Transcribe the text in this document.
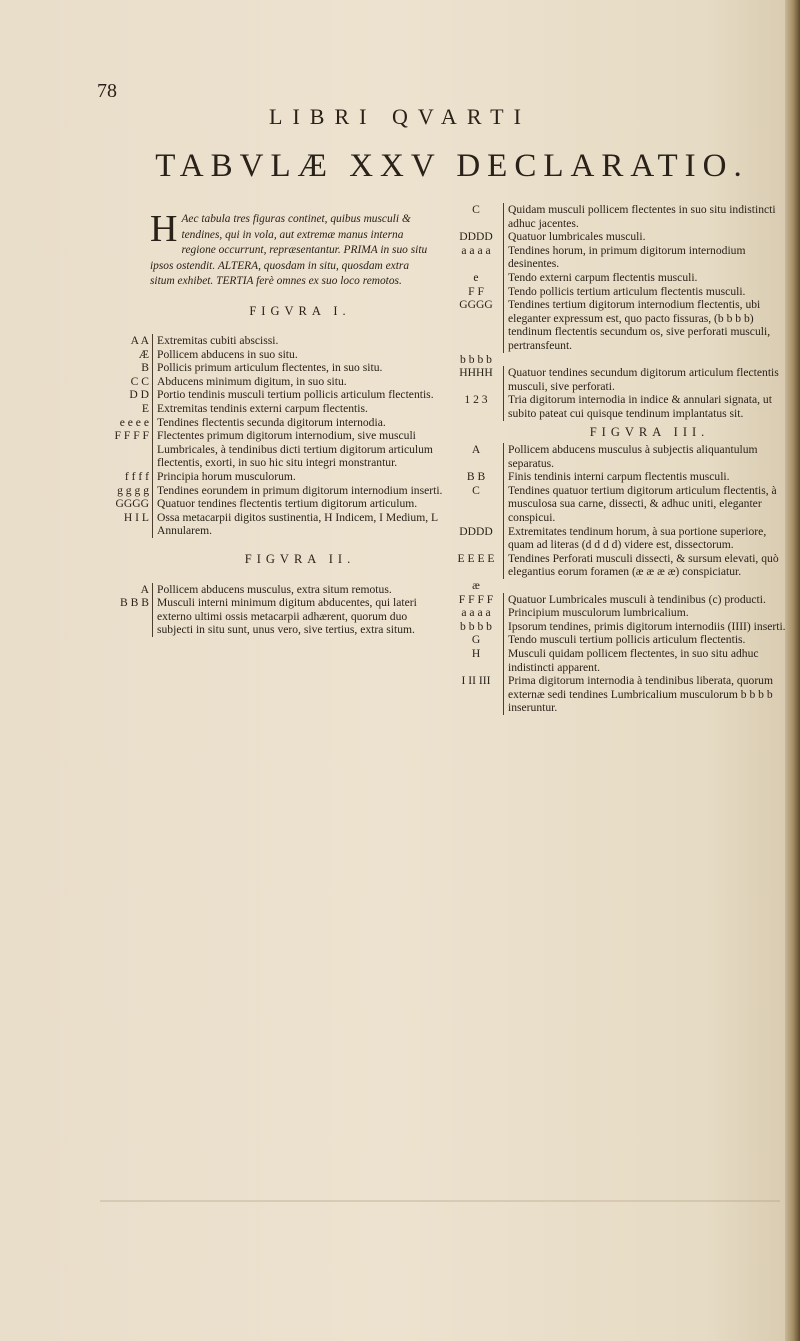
78
LIBRI QVARTI
TABVLÆ XXV DECLARATIO.
H Aec tabula tres figuras continet, quibus musculi & tendines, qui in vola, aut extremæ manus interna regione occurrunt, repræsentantur. PRIMA in suo situ ipsos ostendit. ALTERA, quosdam in situ, quosdam extra situm exhibet. TERTIA ferè omnes ex suo loco remotos.
FIGVRA I.
A A Extremitas cubiti abscissi.
Æ Pollicem abducens in suo situ.
B Pollicis primum articulum flectentes, in suo situ.
C C Abducens minimum digitum, in suo situ.
D D Portio tendinis musculi tertium pollicis articulum flectentis.
E Extremitas tendinis externi carpum flectentis.
e e e e Tendines flectentis secunda digitorum internodia.
F F F F Flectentes primum digitorum internodium, sive musculi Lumbricales, à tendinibus dicti tertium digitorum articulum flectentis, exorti, in suo hic situ integri monstrantur.
f f f f Principia horum musculorum.
g g g g Tendines eorundem in primum digitorum internodium inserti.
GGGG Quatuor tendines flectentis tertium digitorum articulum.
H I L Ossa metacarpii digitos sustinentia, H Indicem, I Medium, L Annularem.
FIGVRA II.
A Pollicem abducens musculus, extra situm remotus.
B B B Musculi interni minimum digitum abducentes, qui lateri externo ultimi ossis metacarpii adhærent, quorum duo subjecti in situ sunt, unus vero, sive tertius, extra situm.
C	Quidam musculi pollicem flectentes in suo situ indistincti adhuc jacentes.
DDDD	Quatuor lumbricales musculi.
a a a a	Tendines horum, in primum digitorum internodium desinentes.
e	Tendo externi carpum flectentis musculi.
F F	Tendo pollicis tertium articulum flectentis musculi.
GGGG	Tendines tertium digitorum internodium flectentis, ubi eleganter expressum est, quo pacto fissuras, (b b b b) tendinum flectentis secundum os, sive perforati musculi, pertransfeunt.
b b b b
HHHH	Quatuor tendines secundum digitorum articulum flectentis musculi, sive perforati.
1 2 3	Tria digitorum internodia in indice & annulari signata, ut subito pateat cui quisque tendinum implantatus sit.
FIGVRA III.
A	Pollicem abducens musculus à subjectis aliquantulum separatus.
B B	Finis tendinis interni carpum flectentis musculi.
C	Tendines quatuor tertium digitorum articulum flectentis, à musculosa sua carne, dissecti, & adhuc uniti, eleganter conspicui.
DDDD	Extremitates tendinum horum, à sua portione superiore, quam ad literas (d d d d) videre est, dissectorum.
E E E E	Tendines Perforati musculi dissecti, & sursum elevati, quò elegantius eorum foramen (æ æ æ æ) conspiciatur.
æ
F F F F	Quatuor Lumbricales musculi à tendinibus (c) producti.
a a a a	Principium musculorum lumbricalium.
b b b b	Ipsorum tendines, primis digitorum internodiis (IIII) inserti.
G	Tendo musculi tertium pollicis articulum flectentis.
H	Musculi quidam pollicem flectentes, in suo situ adhuc indistincti apparent.
I II III	Prima digitorum internodia à tendinibus liberata, quorum externæ sedi tendines Lumbricalium musculorum b b b b inseruntur.
